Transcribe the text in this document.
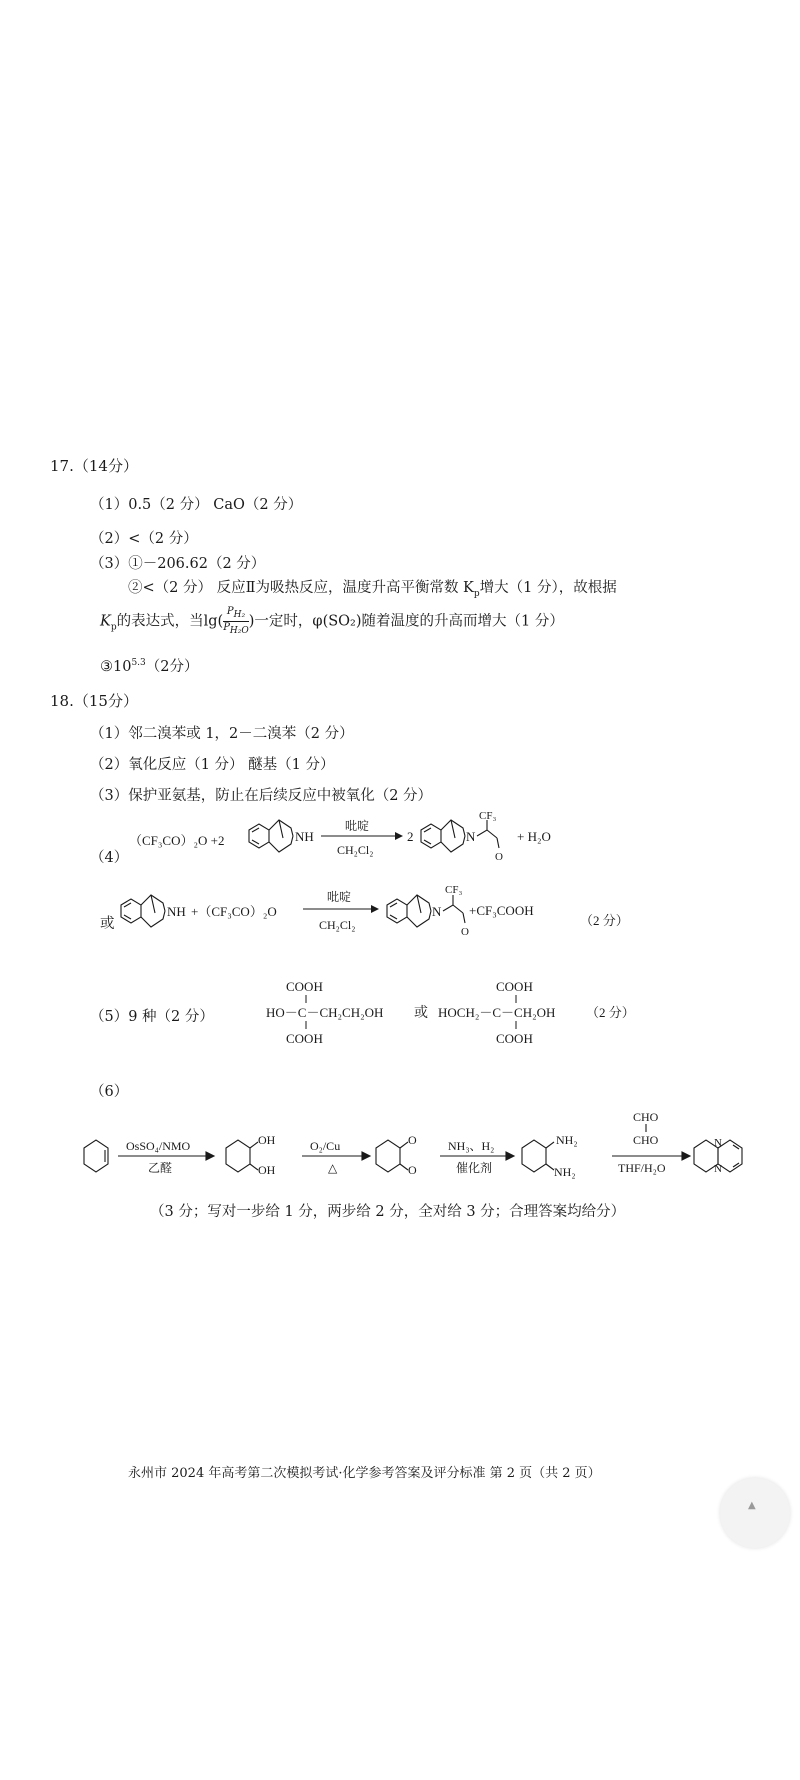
17.（14分）
（1）0.5（2 分） CaO（2 分）
（2）<（2 分）
（3）①－206.62（2 分）
②<（2 分） 反应Ⅱ为吸热反应，温度升高平衡常数 $K_p$增大（1 分），故根据
$K_p$的表达式，当$\lg( \frac{P_{H_2}}{P_{H_2O}}$ )一定时，φ(SO₂)随着温度的升高而增大（1 分）
$③10^{5.3}(2$分）
18.（15分）
（1）邻二溴苯或 1，2－二溴苯（2 分）
（2）氧化反应（1 分） 醚基（1 分）
（3）保护亚氨基，防止在后续反应中被氧化（2 分）
（4）
（CF₃CO）₂O +2	NH
吡啶
CH₂Cl₂
2	N
CF₃
O
+ H₂O
或
NH +（CF₃CO）₂O
吡啶
CH₂Cl₂
N
CF₃
O
+CF₃COOH
（2 分）
（5）9 种（2 分）
COOH
HO－C－CH₂CH₂OH
COOH
或
COOH
HOCH₂－C－CH₂OH
COOH
（2 分）
（6）
OsSO₄/NMO
乙醛
OH
OH
O₂/Cu
△
O
O
NH₃、H₂
催化剂
NH₂
NH₂
CHO
CHO
THF/H₂O
N
N
（3 分；写对一步给 1 分，两步给 2 分，全对给 3 分；合理答案均给分）
永州市 2024 年高考第二次模拟考试·化学参考答案及评分标准 第 2 页（共 2 页）
▲
